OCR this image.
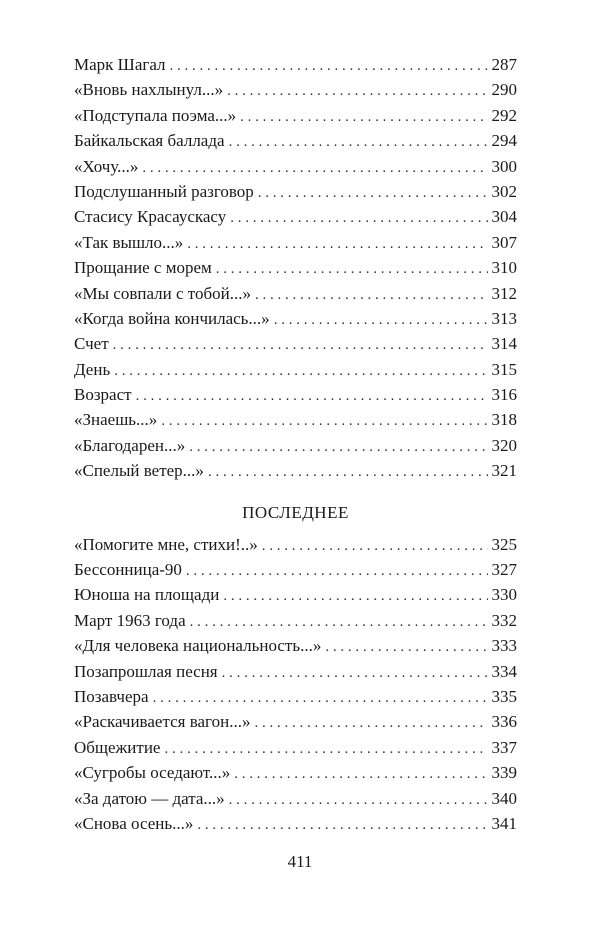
Марк Шагал . . .	287
«Вновь нахлынул...» . . .	290
«Подступала поэма...» . . .	292
Байкальская баллада . . .	294
«Хочу...» . . .	300
Подслушанный разговор . . .	302
Стасису Красаускасу . . .	304
«Так вышло...» . . .	307
Прощание с морем . . .	310
«Мы совпали с тобой...» . . .	312
«Когда война кончилась...» . . .	313
Счет . . .	314
День . . .	315
Возраст . . .	316
«Знаешь...» . . .	318
«Благодарен...» . . .	320
«Спелый ветер...» . . .	321
ПОСЛЕДНЕЕ
«Помогите мне, стихи!..» . . .	325
Бессонница-90 . . .	327
Юноша на площади . . .	330
Март 1963 года . . .	332
«Для человека национальность...» . . .	333
Позапрошлая песня . . .	334
Позавчера . . .	335
«Раскачивается вагон...» . . .	336
Общежитие . . .	337
«Сугробы оседают...» . . .	339
«За датою — дата...» . . .	340
«Снова осень...» . . .	341
411
